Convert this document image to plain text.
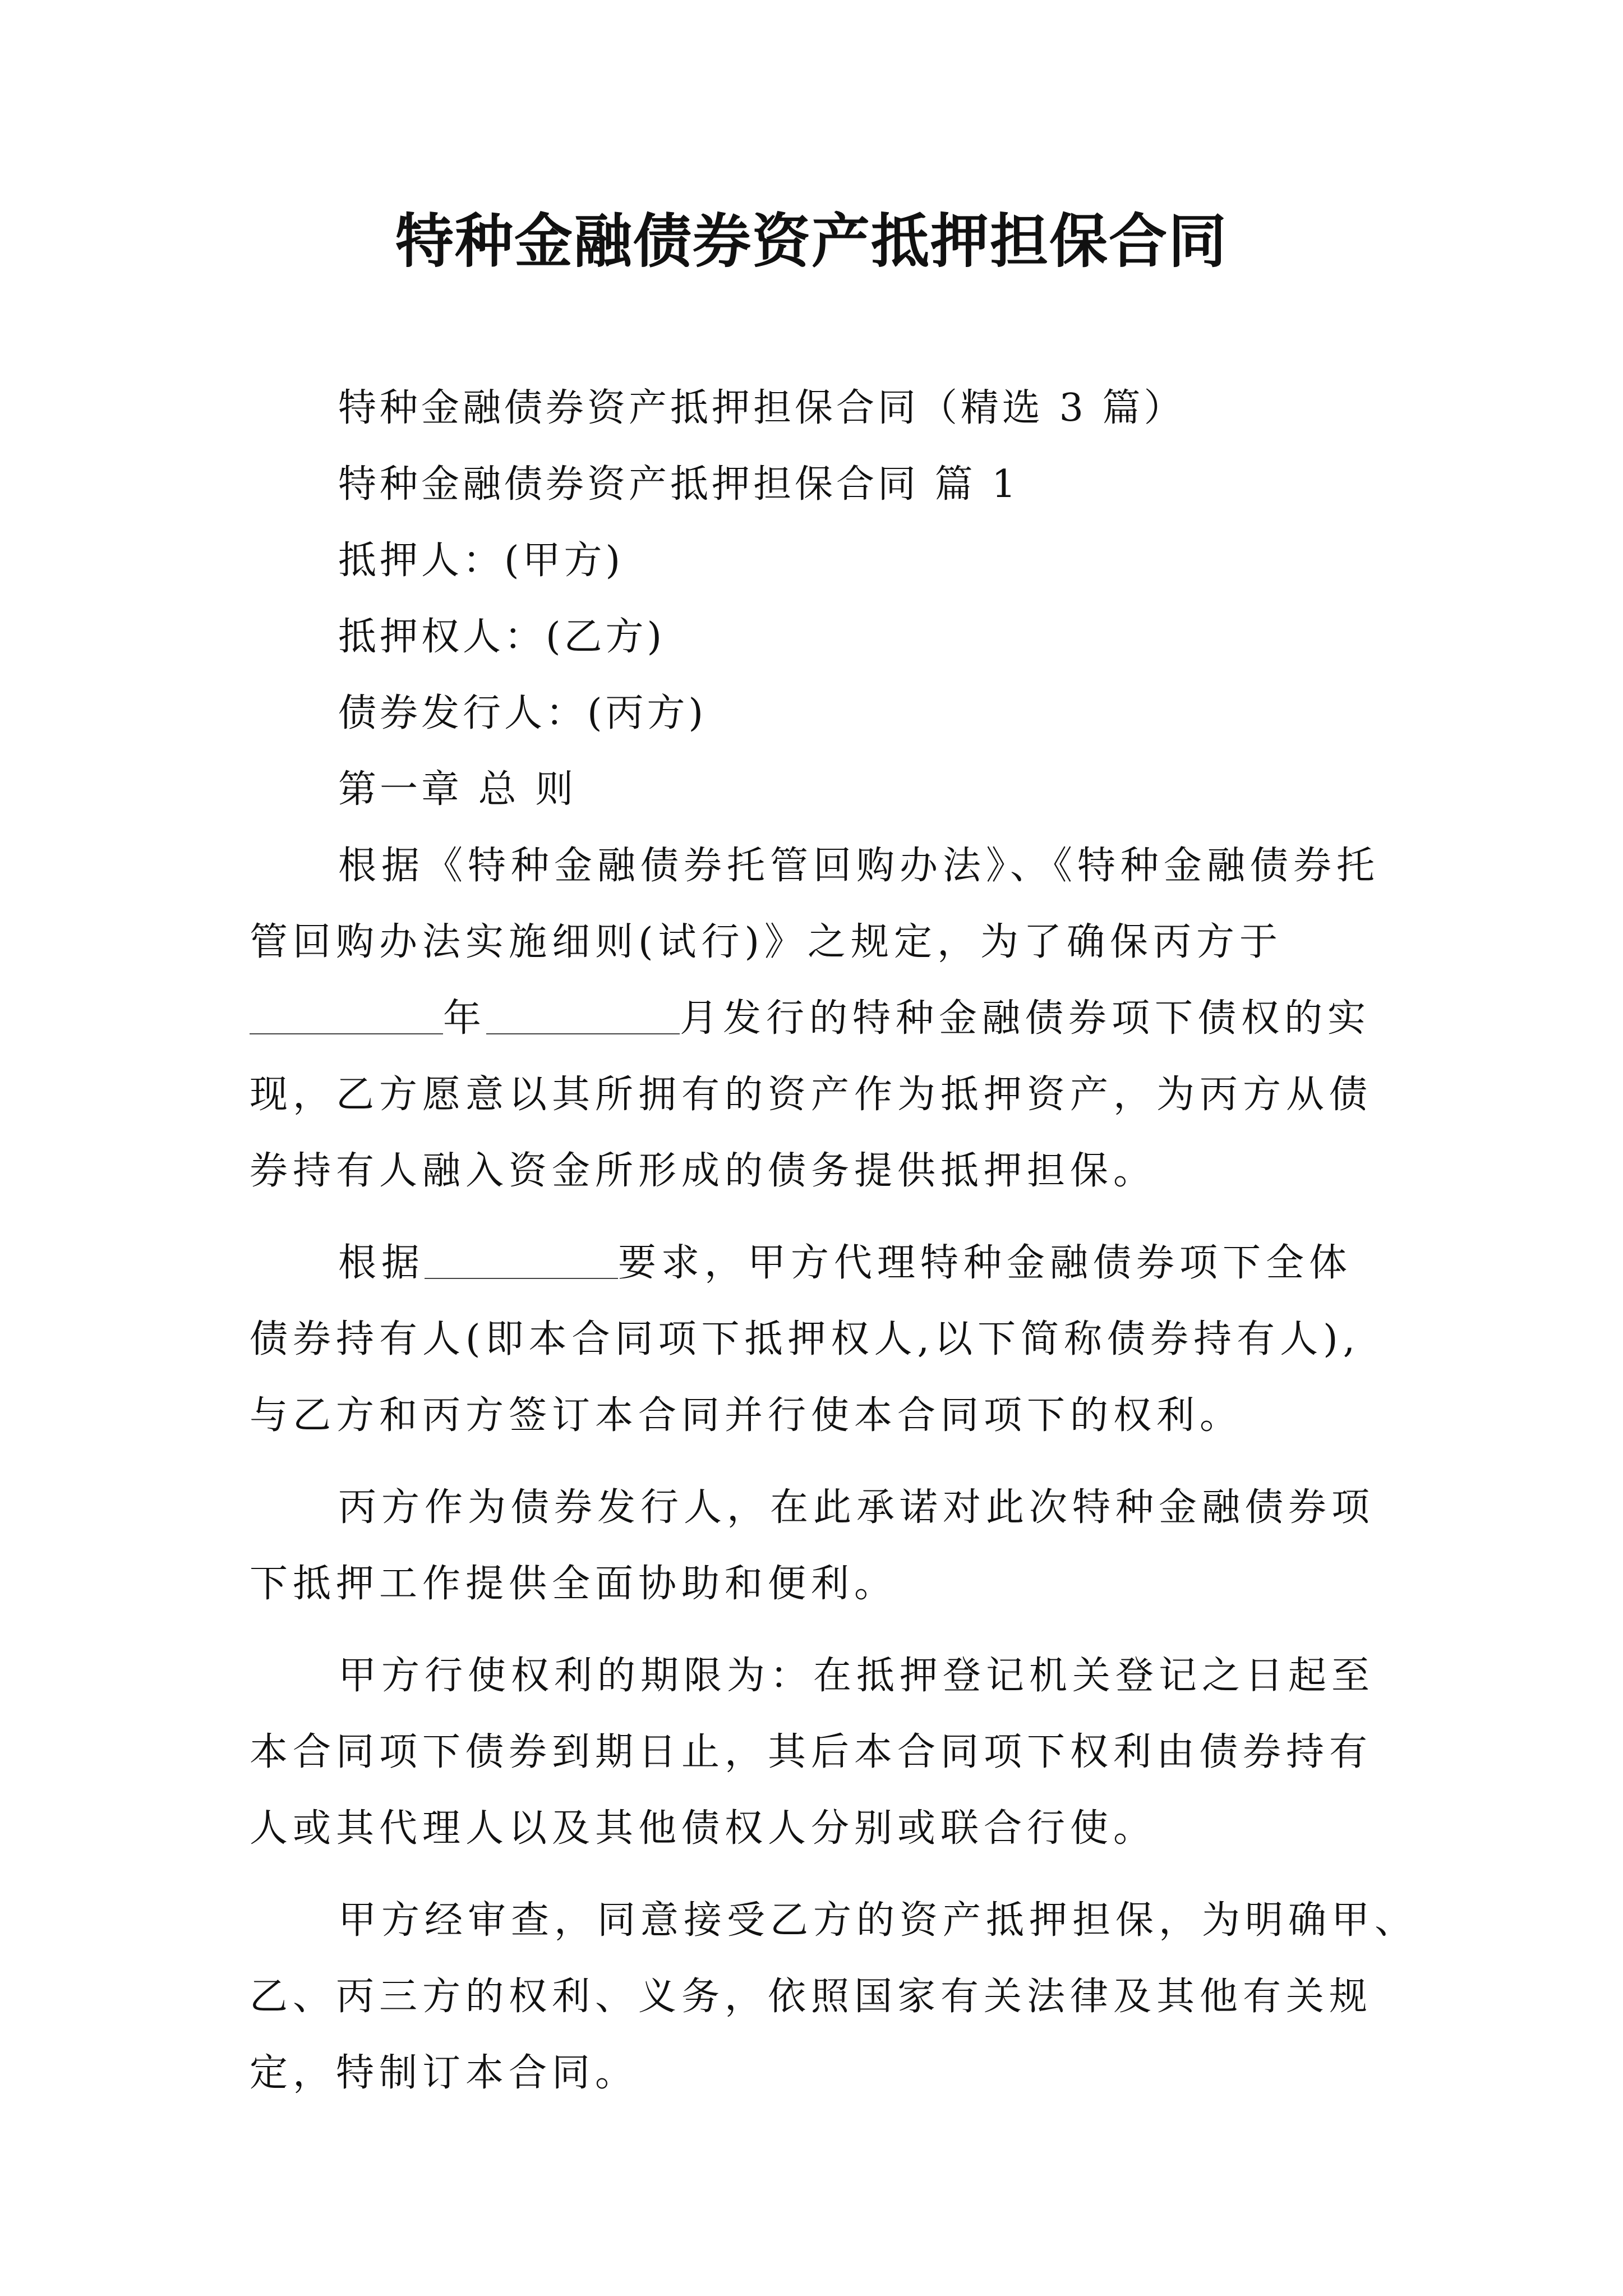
特种金融债券资产抵押担保合同
特种金融债券资产抵押担保合同（精选 3 篇）
特种金融债券资产抵押担保合同 篇 1
抵押人：(甲方)
抵押权人：(乙方)
债券发行人：(丙方)
第一章 总 则
根据《特种金融债券托管回购办法》、《特种金融债券托
管回购办法实施细则(试行)》之规定，为了确保丙方于
年	月发行的特种金融债券项下债权的实
现，乙方愿意以其所拥有的资产作为抵押资产，为丙方从债
券持有人融入资金所形成的债务提供抵押担保。
根据	要求，甲方代理特种金融债券项下全体
债券持有人(即本合同项下抵押权人,以下简称债券持有人),
与乙方和丙方签订本合同并行使本合同项下的权利。
丙方作为债券发行人，在此承诺对此次特种金融债券项
下抵押工作提供全面协助和便利。
甲方行使权利的期限为：在抵押登记机关登记之日起至
本合同项下债券到期日止，其后本合同项下权利由债券持有
人或其代理人以及其他债权人分别或联合行使。
甲方经审查，同意接受乙方的资产抵押担保，为明确甲、
乙、丙三方的权利、义务，依照国家有关法律及其他有关规
定，特制订本合同。
